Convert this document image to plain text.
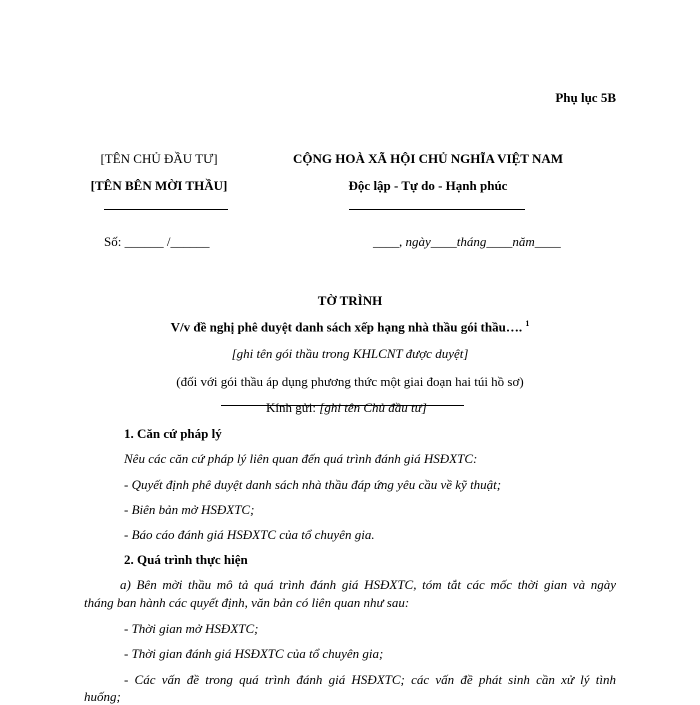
Phụ lục 5B
[TÊN CHỦ ĐẦU TƯ]
[TÊN BÊN MỜI THẦU]
Số: ______ /______
CỘNG HOÀ XÃ HỘI CHỦ NGHĨA VIỆT NAM
Độc lập - Tự do - Hạnh phúc
____, ngày____tháng____năm____
TỜ TRÌNH
V/v đề nghị phê duyệt danh sách xếp hạng nhà thầu gói thầu…. $^1$
[ghi tên gói thầu trong KHLCNT được duyệt]
(đối với gói thầu áp dụng phương thức một giai đoạn hai túi hồ sơ)
Kính gửi: [ghi tên Chủ đầu tư]
1. Căn cứ pháp lý
Nêu các căn cứ pháp lý liên quan đến quá trình đánh giá HSĐXTC:
- Quyết định phê duyệt danh sách nhà thầu đáp ứng yêu cầu về kỹ thuật;
- Biên bản mở HSĐXTC;
- Báo cáo đánh giá HSĐXTC của tổ chuyên gia.
2. Quá trình thực hiện
a) Bên mời thầu mô tả quá trình đánh giá HSĐXTC, tóm tắt các mốc thời gian và ngày
tháng ban hành các quyết định, văn bản có liên quan như sau:
- Thời gian mở HSĐXTC;
- Thời gian đánh giá HSĐXTC của tổ chuyên gia;
- Các vấn đề trong quá trình đánh giá HSĐXTC; các vấn đề phát sinh cần xử lý tình
huống;
